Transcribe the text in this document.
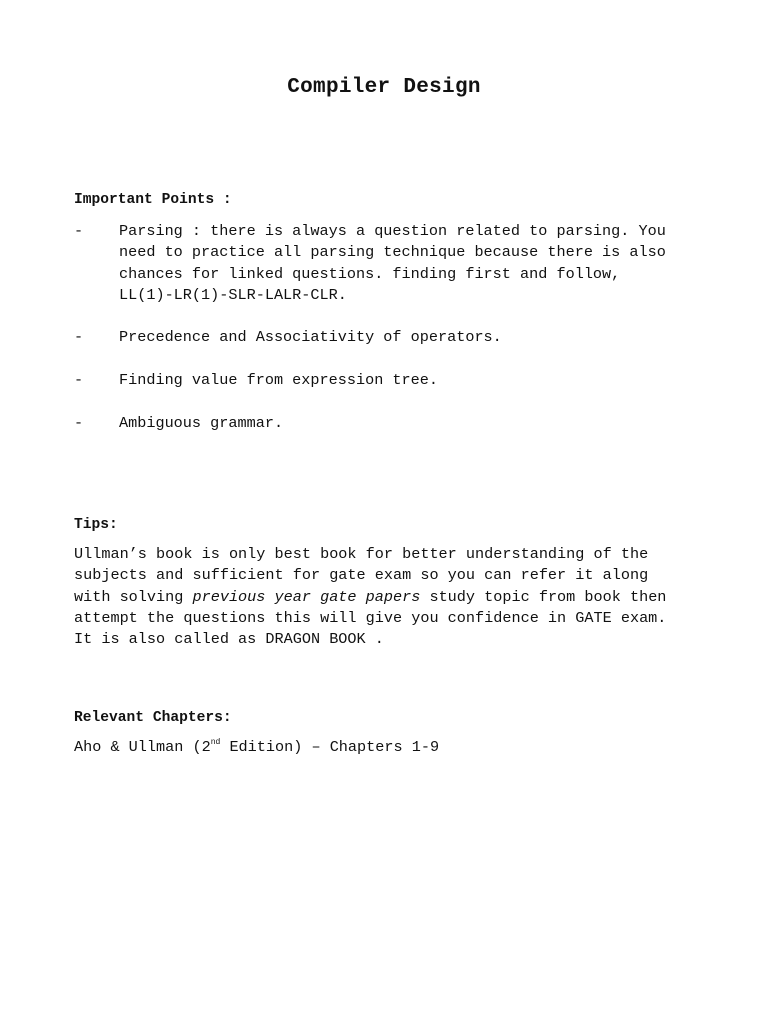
Compiler Design
Important Points :
- Parsing : there is always a question related to parsing. You
need to practice all parsing technique because there is also
chances for linked questions. finding first and follow,
LL(1)-LR(1)-SLR-LALR-CLR.
- Precedence and Associativity of operators.
- Finding value from expression tree.
- Ambiguous grammar.
Tips:
Ullman’s book is only best book for better understanding of the
subjects and sufficient for gate exam so you can refer it along
with solving previous year gate papers study topic from book then
attempt the questions this will give you confidence in GATE exam.
It is also called as DRAGON BOOK .
Relevant Chapters:
Aho & Ullman (2nd Edition) – Chapters 1-9
